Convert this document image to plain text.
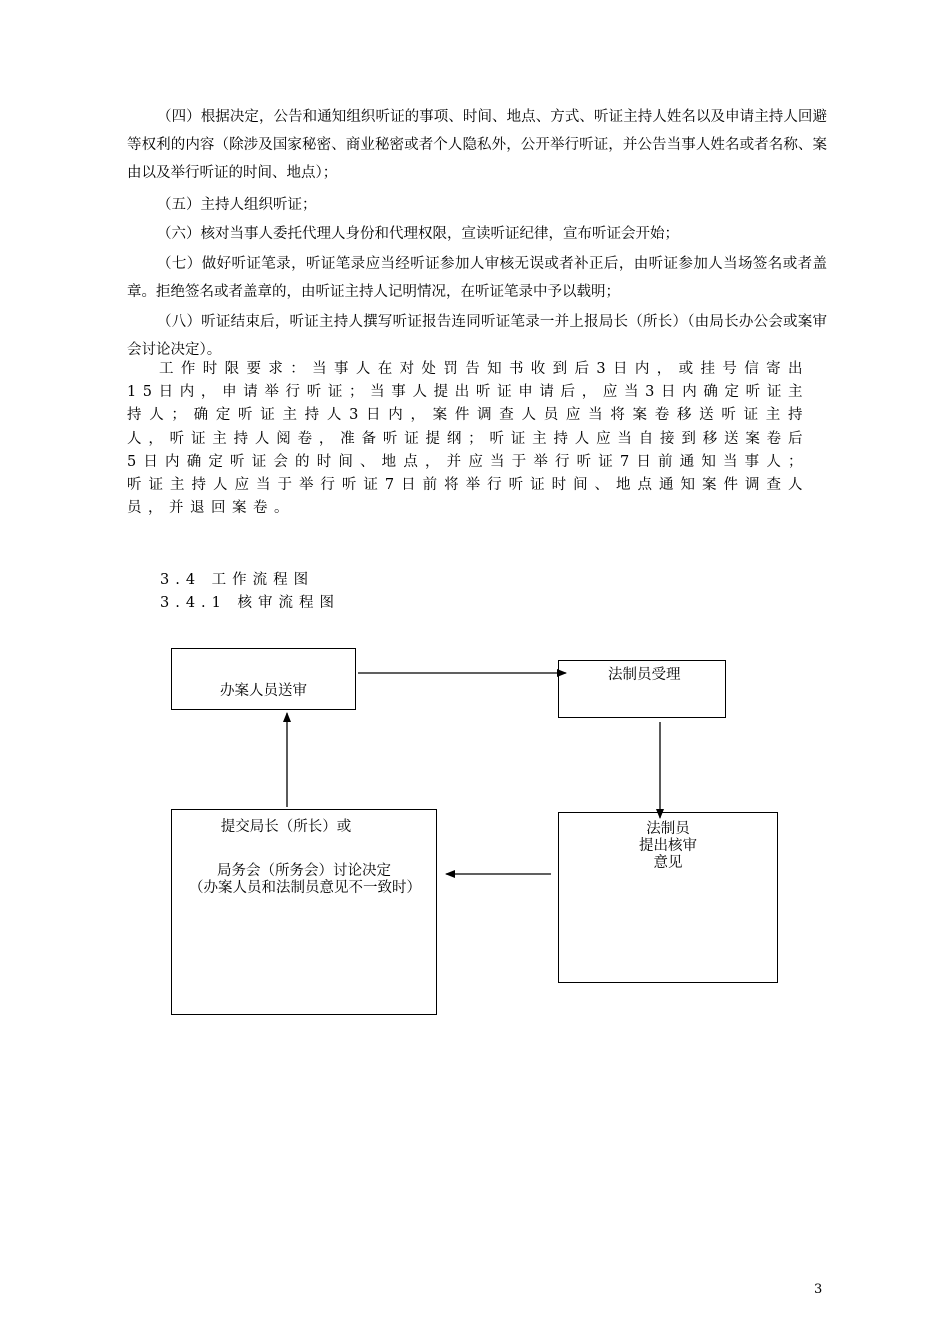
（四）根据决定，公告和通知组织听证的事项、时间、地点、方式、听证主持人姓名以及申请主持人回避等权利的内容（除涉及国家秘密、商业秘密或者个人隐私外，公开举行听证，并公告当事人姓名或者名称、案由以及举行听证的时间、地点）；
（五）主持人组织听证；
（六）核对当事人委托代理人身份和代理权限，宣读听证纪律，宣布听证会开始；
（七）做好听证笔录，听证笔录应当经听证参加人审核无误或者补正后，由听证参加人当场签名或者盖章。拒绝签名或者盖章的，由听证主持人记明情况，在听证笔录中予以载明；
（八）听证结束后，听证主持人撰写听证报告连同听证笔录一并上报局长（所长）（由局长办公会或案审会讨论决定）。
工作时限要求：当事人在对处罚告知书收到后3日内，或挂号信寄出15日内，申请举行听证；当事人提出听证申请后，应当3日内确定听证主持人；确定听证主持人3日内，案件调查人员应当将案卷移送听证主持人，听证主持人阅卷，准备听证提纲；听证主持人应当自接到移送案卷后5日内确定听证会的时间、地点，并应当于举行听证7日前通知当事人；听证主持人应当于举行听证7日前将举行听证时间、地点通知案件调查人员，并退回案卷。
3.4 工作流程图
3.4.1 核审流程图
办案人员送审
法制员受理
法制员
提出核审
意见
提交局长（所长）或
局务会（所务会）讨论决定
（办案人员和法制员意见不一致时）
3
